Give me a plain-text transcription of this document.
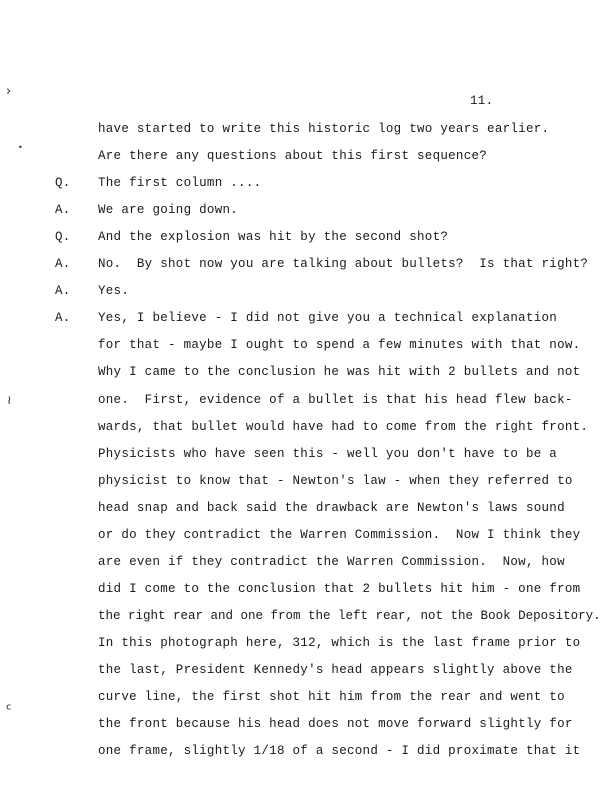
›
•
≀
ᶜ
11.
have started to write this historic log two years earlier.
Are there any questions about this first sequence?
Q.	The first column ....
A.	We are going down.
Q.	And the explosion was hit by the second shot?
A.	No.  By shot now you are talking about bullets?  Is that right?
A.	Yes.
A.	Yes, I believe - I did not give you a technical explanation
for that - maybe I ought to spend a few minutes with that now.
Why I came to the conclusion he was hit with 2 bullets and not
one.  First, evidence of a bullet is that his head flew back-
wards, that bullet would have had to come from the right front.
Physicists who have seen this - well you don't have to be a
physicist to know that - Newton's law - when they referred to
head snap and back said the drawback are Newton's laws sound
or do they contradict the Warren Commission.  Now I think they
are even if they contradict the Warren Commission.  Now, how
did I come to the conclusion that 2 bullets hit him - one from
the right rear and one from the left rear, not the Book Depository.
In this photograph here, 312, which is the last frame prior to
the last, President Kennedy's head appears slightly above the
curve line, the first shot hit him from the rear and went to
the front because his head does not move forward slightly for
one frame, slightly 1/18 of a second - I did proximate that it
